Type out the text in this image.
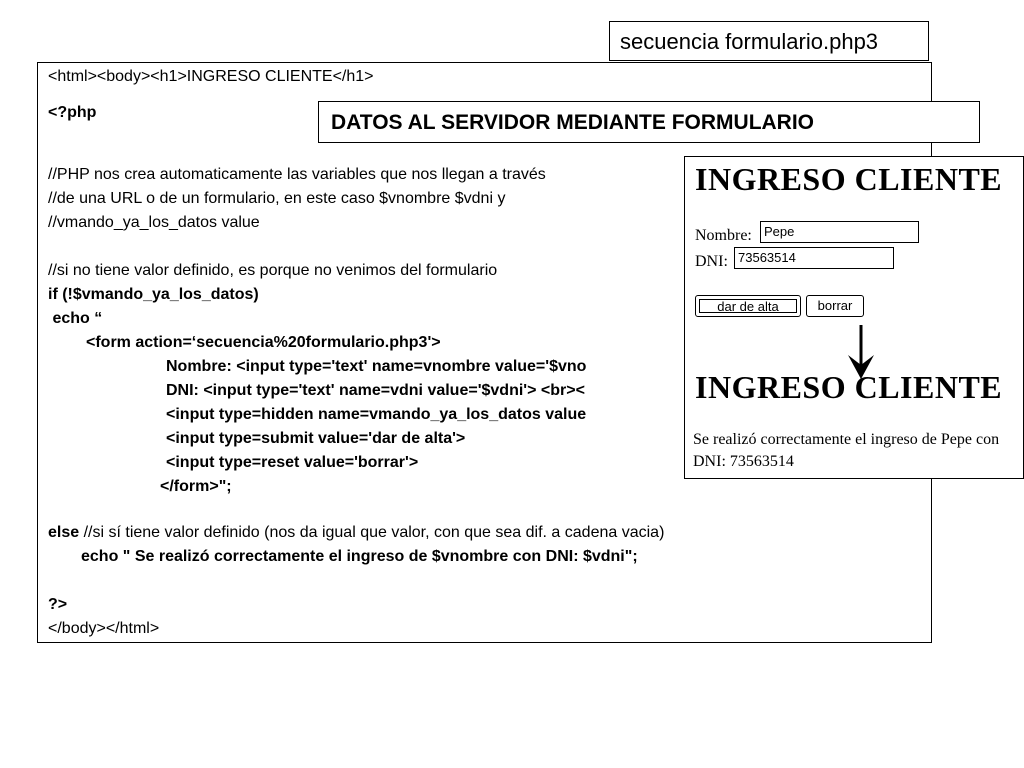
secuencia formulario.php3
<html><body><h1>INGRESO CLIENTE</h1>
<?php
//PHP nos crea automaticamente las variables que nos llegan a través
//de una URL o de un formulario, en este caso $vnombre $vdni y
//vmando_ya_los_datos value
//si no tiene valor definido, es porque no venimos del formulario
if (!$vmando_ya_los_datos)
echo “
<form action=‘secuencia%20formulario.php3'>
Nombre: <input type='text' name=vnombre value='$vno
DNI: <input type='text' name=vdni value='$vdni'> <br><
<input type=hidden name=vmando_ya_los_datos value
<input type=submit value='dar de alta'>
<input type=reset value='borrar'>
</form>";
else //si sí tiene valor definido (nos da igual que valor, con que sea dif. a cadena vacia)
echo " Se realizó correctamente el ingreso de $vnombre con DNI: $vdni";
?>
</body></html>
DATOS AL SERVIDOR MEDIANTE FORMULARIO
INGRESO CLIENTE
Nombre: Pepe
DNI: 73563514
dar de alta	borrar
INGRESO CLIENTE
Se realizó correctamente el ingreso de Pepe con
DNI: 73563514
